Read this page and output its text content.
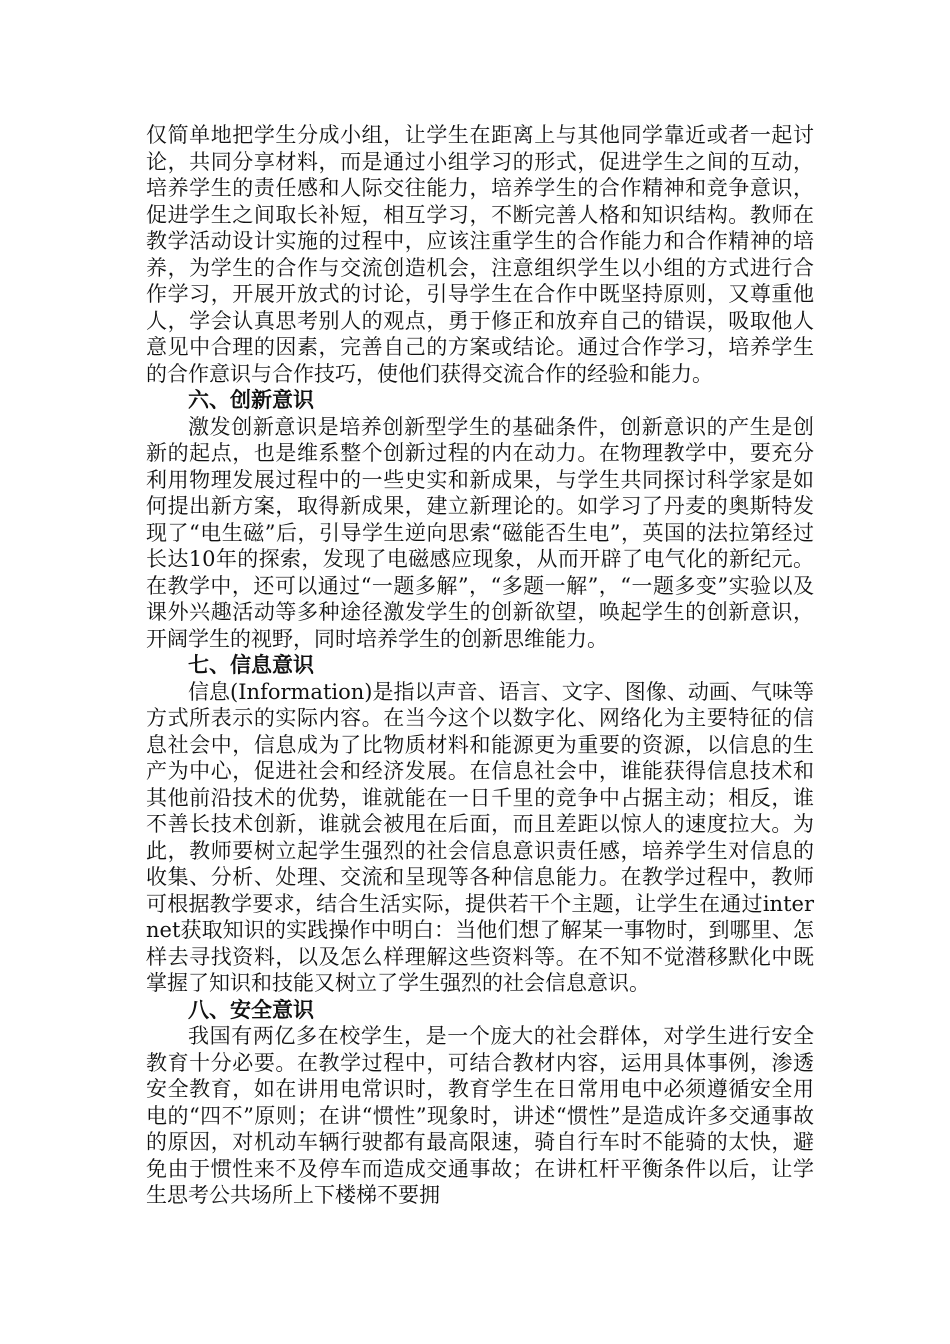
仅简单地把学生分成小组，让学生在距离上与其他同学靠近或者一起讨论，共同分享材料，而是通过小组学习的形式，促进学生之间的互动，培养学生的责任感和人际交往能力，培养学生的合作精神和竞争意识，促进学生之间取长补短，相互学习，不断完善人格和知识结构。教师在教学活动设计实施的过程中，应该注重学生的合作能力和合作精神的培养，为学生的合作与交流创造机会，注意组织学生以小组的方式进行合作学习，开展开放式的讨论，引导学生在合作中既坚持原则，又尊重他人，学会认真思考别人的观点，勇于修正和放弃自己的错误，吸取他人意见中合理的因素，完善自己的方案或结论。通过合作学习，培养学生的合作意识与合作技巧，使他们获得交流合作的经验和能力。

六、创新意识

激发创新意识是培养创新型学生的基础条件，创新意识的产生是创新的起点，也是维系整个创新过程的内在动力。在物理教学中，要充分利用物理发展过程中的一些史实和新成果，与学生共同探讨科学家是如何提出新方案，取得新成果，建立新理论的。如学习了丹麦的奥斯特发现了“电生磁”后，引导学生逆向思索“磁能否生电”，英国的法拉第经过长达10年的探索，发现了电磁感应现象，从而开辟了电气化的新纪元。在教学中，还可以通过“一题多解”，“多题一解”，“一题多变”实验以及课外兴趣活动等多种途径激发学生的创新欲望，唤起学生的创新意识，开阔学生的视野，同时培养学生的创新思维能力。

七、信息意识

信息(Information)是指以声音、语言、文字、图像、动画、气味等方式所表示的实际内容。在当今这个以数字化、网络化为主要特征的信息社会中，信息成为了比物质材料和能源更为重要的资源，以信息的生产为中心，促进社会和经济发展。在信息社会中，谁能获得信息技术和其他前沿技术的优势，谁就能在一日千里的竞争中占据主动；相反，谁不善长技术创新，谁就会被甩在后面，而且差距以惊人的速度拉大。为此，教师要树立起学生强烈的社会信息意识责任感，培养学生对信息的收集、分析、处理、交流和呈现等各种信息能力。在教学过程中，教师可根据教学要求，结合生活实际，提供若干个主题，让学生在通过internet获取知识的实践操作中明白：当他们想了解某一事物时，到哪里、怎样去寻找资料，以及怎么样理解这些资料等。在不知不觉潜移默化中既掌握了知识和技能又树立了学生强烈的社会信息意识。

八、安全意识

我国有两亿多在校学生，是一个庞大的社会群体，对学生进行安全教育十分必要。在教学过程中，可结合教材内容，运用具体事例，渗透安全教育，如在讲用电常识时，教育学生在日常用电中必须遵循安全用电的“四不”原则；在讲“惯性”现象时，讲述“惯性”是造成许多交通事故的原因，对机动车辆行驶都有最高限速，骑自行车时不能骑的太快，避免由于惯性来不及停车而造成交通事故；在讲杠杆平衡条件以后，让学生思考公共场所上下楼梯不要拥
